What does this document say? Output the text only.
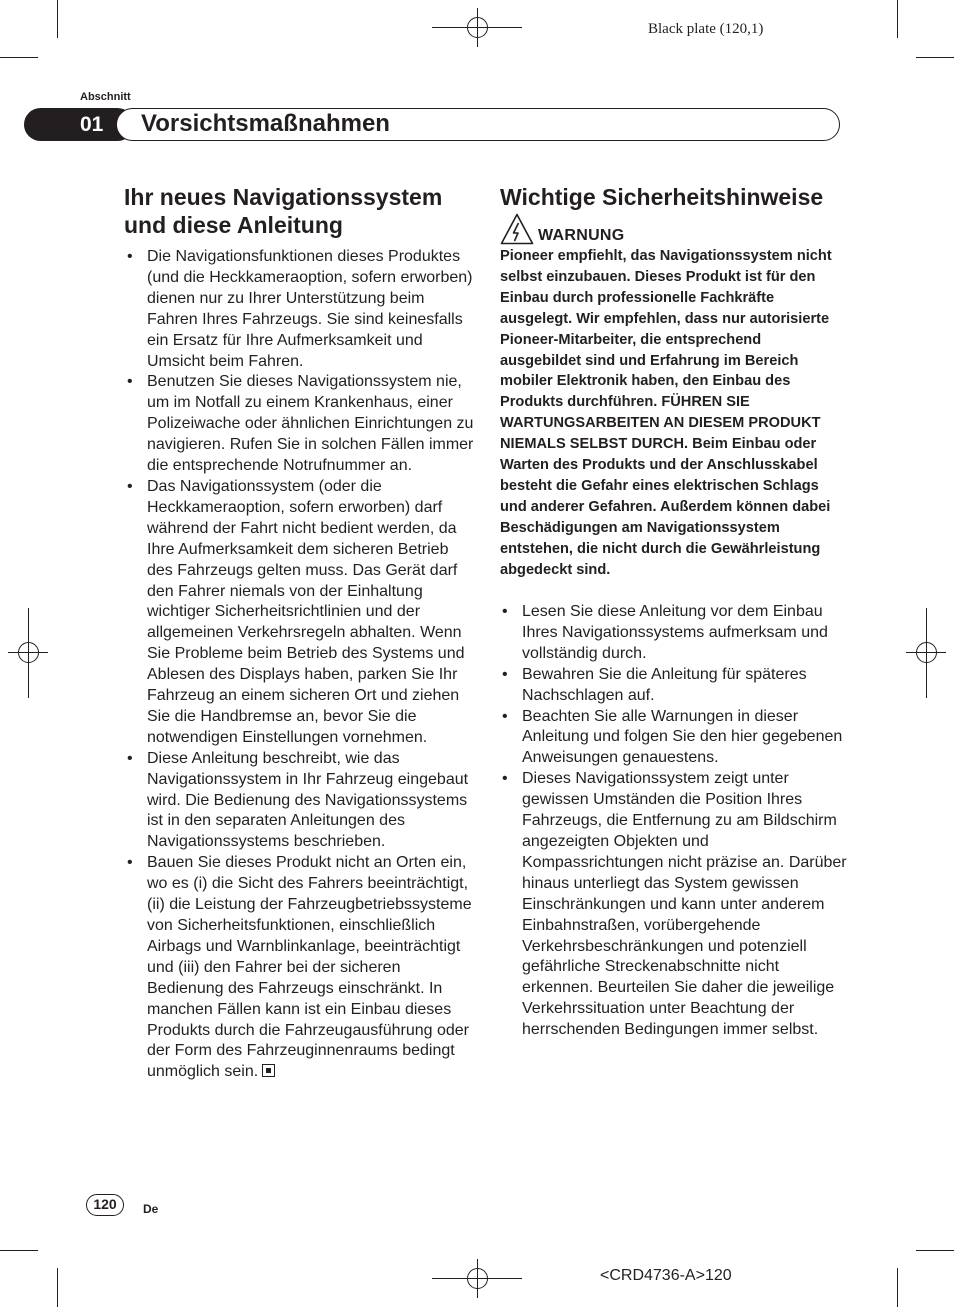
Black plate (120,1)
Abschnitt
01	Vorsichtsmaßnahmen
Ihr neues Navigationssystem und diese Anleitung
• Die Navigationsfunktionen dieses Produktes (und die Heckkameraoption, sofern erworben) dienen nur zu Ihrer Unterstützung beim Fahren Ihres Fahrzeugs. Sie sind keinesfalls ein Ersatz für Ihre Aufmerksamkeit und Umsicht beim Fahren.
• Benutzen Sie dieses Navigationssystem nie, um im Notfall zu einem Krankenhaus, einer Polizeiwache oder ähnlichen Einrichtungen zu navigieren. Rufen Sie in solchen Fällen immer die entsprechende Notrufnummer an.
• Das Navigationssystem (oder die Heckkameraoption, sofern erworben) darf während der Fahrt nicht bedient werden, da Ihre Aufmerksamkeit dem sicheren Betrieb des Fahrzeugs gelten muss. Das Gerät darf den Fahrer niemals von der Einhaltung wichtiger Sicherheitsrichtlinien und der allgemeinen Verkehrsregeln abhalten. Wenn Sie Probleme beim Betrieb des Systems und Ablesen des Displays haben, parken Sie Ihr Fahrzeug an einem sicheren Ort und ziehen Sie die Handbremse an, bevor Sie die notwendigen Einstellungen vornehmen.
• Diese Anleitung beschreibt, wie das Navigationssystem in Ihr Fahrzeug eingebaut wird. Die Bedienung des Navigationssystems ist in den separaten Anleitungen des Navigationssystems beschrieben.
• Bauen Sie dieses Produkt nicht an Orten ein, wo es (i) die Sicht des Fahrers beeinträchtigt, (ii) die Leistung der Fahrzeugbetriebssysteme von Sicherheitsfunktionen, einschließlich Airbags und Warnblinkanlage, beeinträchtigt und (iii) den Fahrer bei der sicheren Bedienung des Fahrzeugs einschränkt. In manchen Fällen kann ist ein Einbau dieses Produkts durch die Fahrzeugausführung oder der Form des Fahrzeuginnenraums bedingt unmöglich sein.
Wichtige Sicherheitshinweise
WARNUNG
Pioneer empfiehlt, das Navigationssystem nicht selbst einzubauen. Dieses Produkt ist für den Einbau durch professionelle Fachkräfte ausgelegt. Wir empfehlen, dass nur autorisierte Pioneer-Mitarbeiter, die entsprechend ausgebildet sind und Erfahrung im Bereich mobiler Elektronik haben, den Einbau des Produkts durchführen. FÜHREN SIE WARTUNGSARBEITEN AN DIESEM PRODUKT NIEMALS SELBST DURCH. Beim Einbau oder Warten des Produkts und der Anschlusskabel besteht die Gefahr eines elektrischen Schlags und anderer Gefahren. Außerdem können dabei Beschädigungen am Navigationssystem entstehen, die nicht durch die Gewährleistung abgedeckt sind.
• Lesen Sie diese Anleitung vor dem Einbau Ihres Navigationssystems aufmerksam und vollständig durch.
• Bewahren Sie die Anleitung für späteres Nachschlagen auf.
• Beachten Sie alle Warnungen in dieser Anleitung und folgen Sie den hier gegebenen Anweisungen genauestens.
• Dieses Navigationssystem zeigt unter gewissen Umständen die Position Ihres Fahrzeugs, die Entfernung zu am Bildschirm angezeigten Objekten und Kompassrichtungen nicht präzise an. Darüber hinaus unterliegt das System gewissen Einschränkungen und kann unter anderem Einbahnstraßen, vorübergehende Verkehrsbeschränkungen und potenziell gefährliche Streckenabschnitte nicht erkennen. Beurteilen Sie daher die jeweilige Verkehrssituation unter Beachtung der herrschenden Bedingungen immer selbst.
120	De
<CRD4736-A>120
